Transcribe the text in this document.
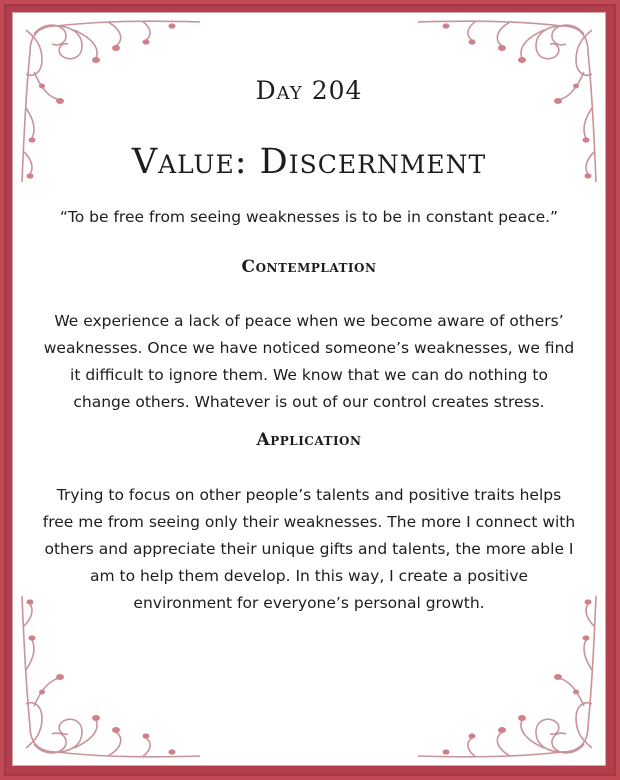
Day 204
Value: Discernment
“To be free from seeing weaknesses is to be in constant peace.”
Contemplation
We experience a lack of peace when we become aware of others’ weaknesses. Once we have noticed someone’s weaknesses, we find it difficult to ignore them. We know that we can do nothing to change others. Whatever is out of our control creates stress.
Application
Trying to focus on other people’s talents and positive traits helps free me from seeing only their weaknesses. The more I connect with others and appreciate their unique gifts and talents, the more able I am to help them develop. In this way, I create a positive environment for everyone’s personal growth.
